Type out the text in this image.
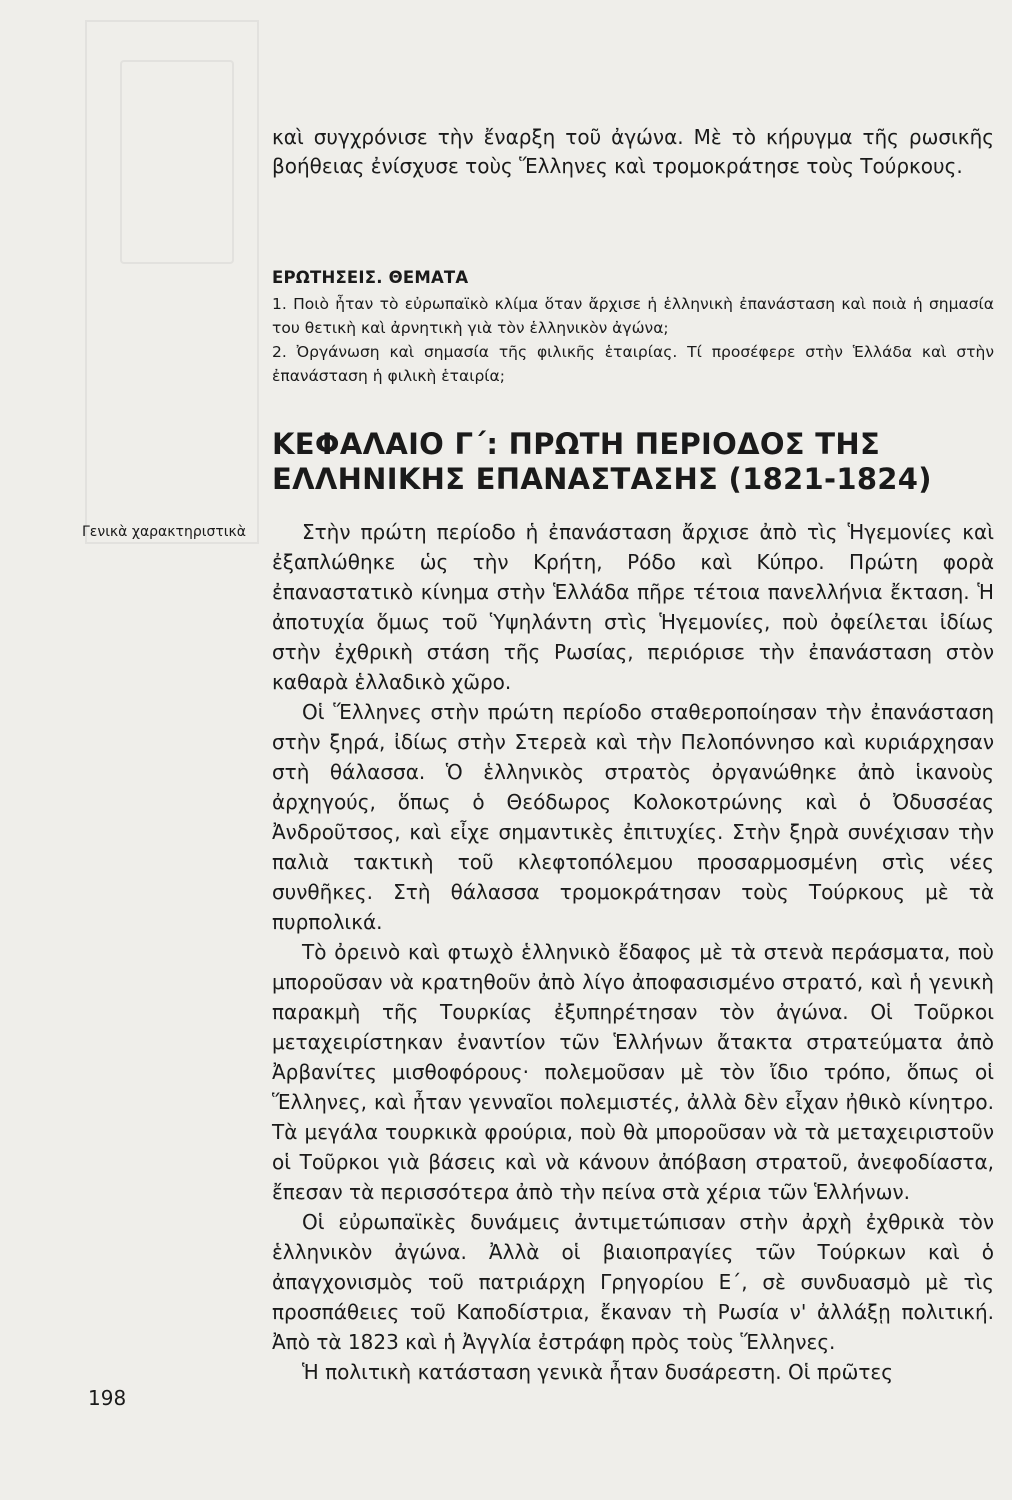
καὶ συγχρόνισε τὴν ἔναρξη τοῦ ἀγώνα. Μὲ τὸ κήρυγμα τῆς ρωσικῆς βοήθειας ἐνίσχυσε τοὺς Ἕλληνες καὶ τρομοκράτησε τοὺς Τούρκους.

ΕΡΩΤΗΣΕΙΣ. ΘΕΜΑΤΑ
1. Ποιὸ ἦταν τὸ εὐρωπαϊκὸ κλίμα ὅταν ἄρχισε ἡ ἑλληνικὴ ἐπανάσταση καὶ ποιὰ ἡ σημασία του θετικὴ καὶ ἀρνητικὴ γιὰ τὸν ἑλληνικὸν ἀγώνα;
2. Ὀργάνωση καὶ σημασία τῆς φιλικῆς ἑταιρίας. Τί προσέφερε στὴν Ἑλλάδα καὶ στὴν ἐπανάσταση ἡ φιλικὴ ἑταιρία;
ΚΕΦΑΛΑΙΟ Γ΄: ΠΡΩΤΗ ΠΕΡΙΟΔΟΣ ΤΗΣ ΕΛΛΗΝΙΚΗΣ ΕΠΑΝΑΣΤΑΣΗΣ (1821-1824)

Γενικὰ χαρακτηριστικὰ	Στὴν πρώτη περίοδο ἡ ἐπανάσταση ἄρχισε ἀπὸ τὶς Ἡγεμονίες καὶ ἐξαπλώθηκε ὡς τὴν Κρήτη, Ρόδο καὶ Κύπρο. Πρώτη φορὰ ἐπαναστατικὸ κίνημα στὴν Ἑλλάδα πῆρε τέτοια πανελλήνια ἔκταση. Ἡ ἀποτυχία ὅμως τοῦ Ὑψηλάντη στὶς Ἡγεμονίες, ποὺ ὀφείλεται ἰδίως στὴν ἐχθρικὴ στάση τῆς Ρωσίας, περιόρισε τὴν ἐπανάσταση στὸν καθαρὰ ἑλλαδικὸ χῶρο.

Οἱ Ἕλληνες στὴν πρώτη περίοδο σταθεροποίησαν τὴν ἐπανάσταση στὴν ξηρά, ἰδίως στὴν Στερεὰ καὶ τὴν Πελοπόννησο καὶ κυριάρχησαν στὴ θάλασσα. Ὁ ἑλληνικὸς στρατὸς ὀργανώθηκε ἀπὸ ἱκανοὺς ἀρχηγούς, ὅπως ὁ Θεόδωρος Κολοκοτρώνης καὶ ὁ Ὀδυσσέας Ἀνδροῦτσος, καὶ εἶχε σημαντικὲς ἐπιτυχίες. Στὴν ξηρὰ συνέχισαν τὴν παλιὰ τακτικὴ τοῦ κλεφτοπόλεμου προσαρμοσμένη στὶς νέες συνθῆκες. Στὴ θάλασσα τρομοκράτησαν τοὺς Τούρκους μὲ τὰ πυρπολικά.

Τὸ ὀρεινὸ καὶ φτωχὸ ἑλληνικὸ ἔδαφος μὲ τὰ στενὰ περάσματα, ποὺ μποροῦσαν νὰ κρατηθοῦν ἀπὸ λίγο ἀποφασισμένο στρατό, καὶ ἡ γενικὴ παρακμὴ τῆς Τουρκίας ἐξυπηρέτησαν τὸν ἀγώνα. Οἱ Τοῦρκοι μεταχειρίστηκαν ἐναντίον τῶν Ἑλλήνων ἄτακτα στρατεύματα ἀπὸ Ἀρβανίτες μισθοφόρους· πολεμοῦσαν μὲ τὸν ἴδιο τρόπο, ὅπως οἱ Ἕλληνες, καὶ ἦταν γενναῖοι πολεμιστές, ἀλλὰ δὲν εἶχαν ἠθικὸ κίνητρο. Τὰ μεγάλα τουρκικὰ φρούρια, ποὺ θὰ μποροῦσαν νὰ τὰ μεταχειριστοῦν οἱ Τοῦρκοι γιὰ βάσεις καὶ νὰ κάνουν ἀπόβαση στρατοῦ, ἀνεφοδίαστα, ἔπεσαν τὰ περισσότερα ἀπὸ τὴν πείνα στὰ χέρια τῶν Ἑλλήνων.

Οἱ εὐρωπαϊκὲς δυνάμεις ἀντιμετώπισαν στὴν ἀρχὴ ἐχθρικὰ τὸν ἑλληνικὸν ἀγώνα. Ἀλλὰ οἱ βιαιοπραγίες τῶν Τούρκων καὶ ὁ ἀπαγχονισμὸς τοῦ πατριάρχη Γρηγορίου Ε΄, σὲ συνδυασμὸ μὲ τὶς προσπάθειες τοῦ Καποδίστρια, ἔκαναν τὴ Ρωσία ν' ἀλλάξῃ πολιτική. Ἀπὸ τὰ 1823 καὶ ἡ Ἀγγλία ἐστράφη πρὸς τοὺς Ἕλληνες.

Ἡ πολιτικὴ κατάσταση γενικὰ ἦταν δυσάρεστη. Οἱ πρῶτες

198
